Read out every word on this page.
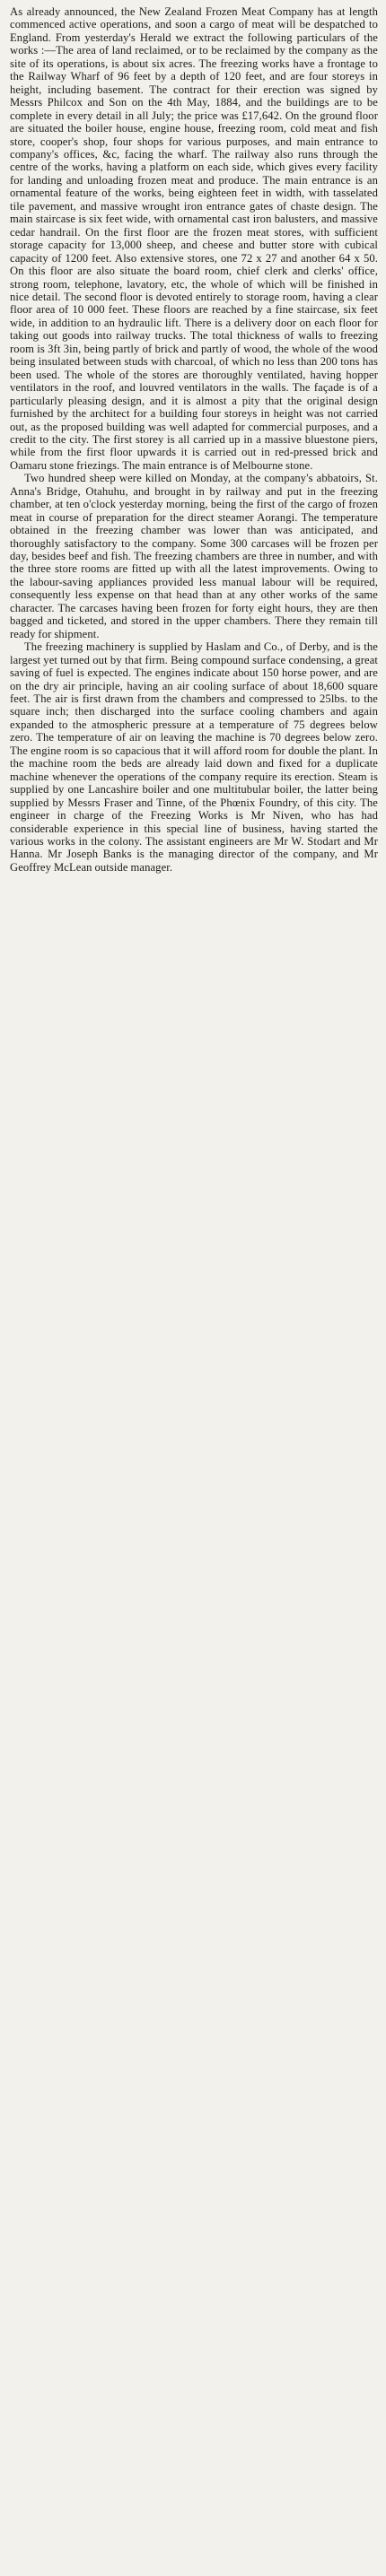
As already announced, the New Zealand Frozen Meat Company has at length commenced active operations, and soon a cargo of meat will be despatched to England. From yesterday's Herald we extract the following particulars of the works :—The area of land reclaimed, or to be reclaimed by the company as the site of its operations, is about six acres. The freezing works have a frontage to the Railway Wharf of 96 feet by a depth of 120 feet, and are four storeys in height, including basement. The contract for their erection was signed by Messrs Philcox and Son on the 4th May, 1884, and the buildings are to be complete in every detail in all July; the price was £17,642. On the ground floor are situated the boiler house, engine house, freezing room, cold meat and fish store, cooper's shop, four shops for various purposes, and main entrance to company's offices, &c, facing the wharf. The railway also runs through the centre of the works, having a platform on each side, which gives every facility for landing and unloading frozen meat and produce. The main entrance is an ornamental feature of the works, being eighteen feet in width, with tasselated tile pavement, and massive wrought iron entrance gates of chaste design. The main staircase is six feet wide, with ornamental cast iron balusters, and massive cedar handrail. On the first floor are the frozen meat stores, with sufficient storage capacity for 13,000 sheep, and cheese and butter store with cubical capacity of 1200 feet. Also extensive stores, one 72 x 27 and another 64 x 50. On this floor are also situate the board room, chief clerk and clerks' office, strong room, telephone, lavatory, etc, the whole of which will be finished in nice detail. The second floor is devoted entirely to storage room, having a clear floor area of 10 000 feet. These floors are reached by a fine staircase, six feet wide, in addition to an hydraulic lift. There is a delivery door on each floor for taking out goods into railway trucks. The total thickness of walls to freezing room is 3ft 3in, being partly of brick and partly of wood, the whole of the wood being insulated between studs with charcoal, of which no less than 200 tons has been used. The whole of the stores are thoroughly ventilated, having hopper ventilators in the roof, and louvred ventilators in the walls. The façade is of a particularly pleasing design, and it is almost a pity that the original design furnished by the architect for a building four storeys in height was not carried out, as the proposed building was well adapted for commercial purposes, and a credit to the city. The first storey is all carried up in a massive bluestone piers, while from the first floor upwards it is carried out in red-pressed brick and Oamaru stone friezings. The main entrance is of Melbourne stone.

Two hundred sheep were killed on Monday, at the company's abbatoirs, St. Anna's Bridge, Otahuhu, and brought in by railway and put in the freezing chamber, at ten o'clock yesterday morning, being the first of the cargo of frozen meat in course of preparation for the direct steamer Aorangi. The temperature obtained in the freezing chamber was lower than was anticipated, and thoroughly satisfactory to the company. Some 300 carcases will be frozen per day, besides beef and fish. The freezing chambers are three in number, and with the three store rooms are fitted up with all the latest improvements. Owing to the labour-saving appliances provided less manual labour will be required, consequently less expense on that head than at any other works of the same character. The carcases having been frozen for forty eight hours, they are then bagged and ticketed, and stored in the upper chambers. There they remain till ready for shipment.

The freezing machinery is supplied by Haslam and Co., of Derby, and is the largest yet turned out by that firm. Being compound surface condensing, a great saving of fuel is expected. The engines indicate about 150 horse power, and are on the dry air principle, having an air cooling surface of about 18,600 square feet. The air is first drawn from the chambers and compressed to 25lbs. to the square inch; then discharged into the surface cooling chambers and again expanded to the atmospheric pressure at a temperature of 75 degrees below zero. The temperature of air on leaving the machine is 70 degrees below zero. The engine room is so capacious that it will afford room for double the plant. In the machine room the beds are already laid down and fixed for a duplicate machine whenever the operations of the company require its erection. Steam is supplied by one Lancashire boiler and one multitubular boiler, the latter being supplied by Messrs Fraser and Tinne, of the Phœnix Foundry, of this city. The engineer in charge of the Freezing Works is Mr Niven, who has had considerable experience in this special line of business, having started the various works in the colony. The assistant engineers are Mr W. Stodart and Mr Hanna. Mr Joseph Banks is the managing director of the company, and Mr Geoffrey McLean outside manager.
